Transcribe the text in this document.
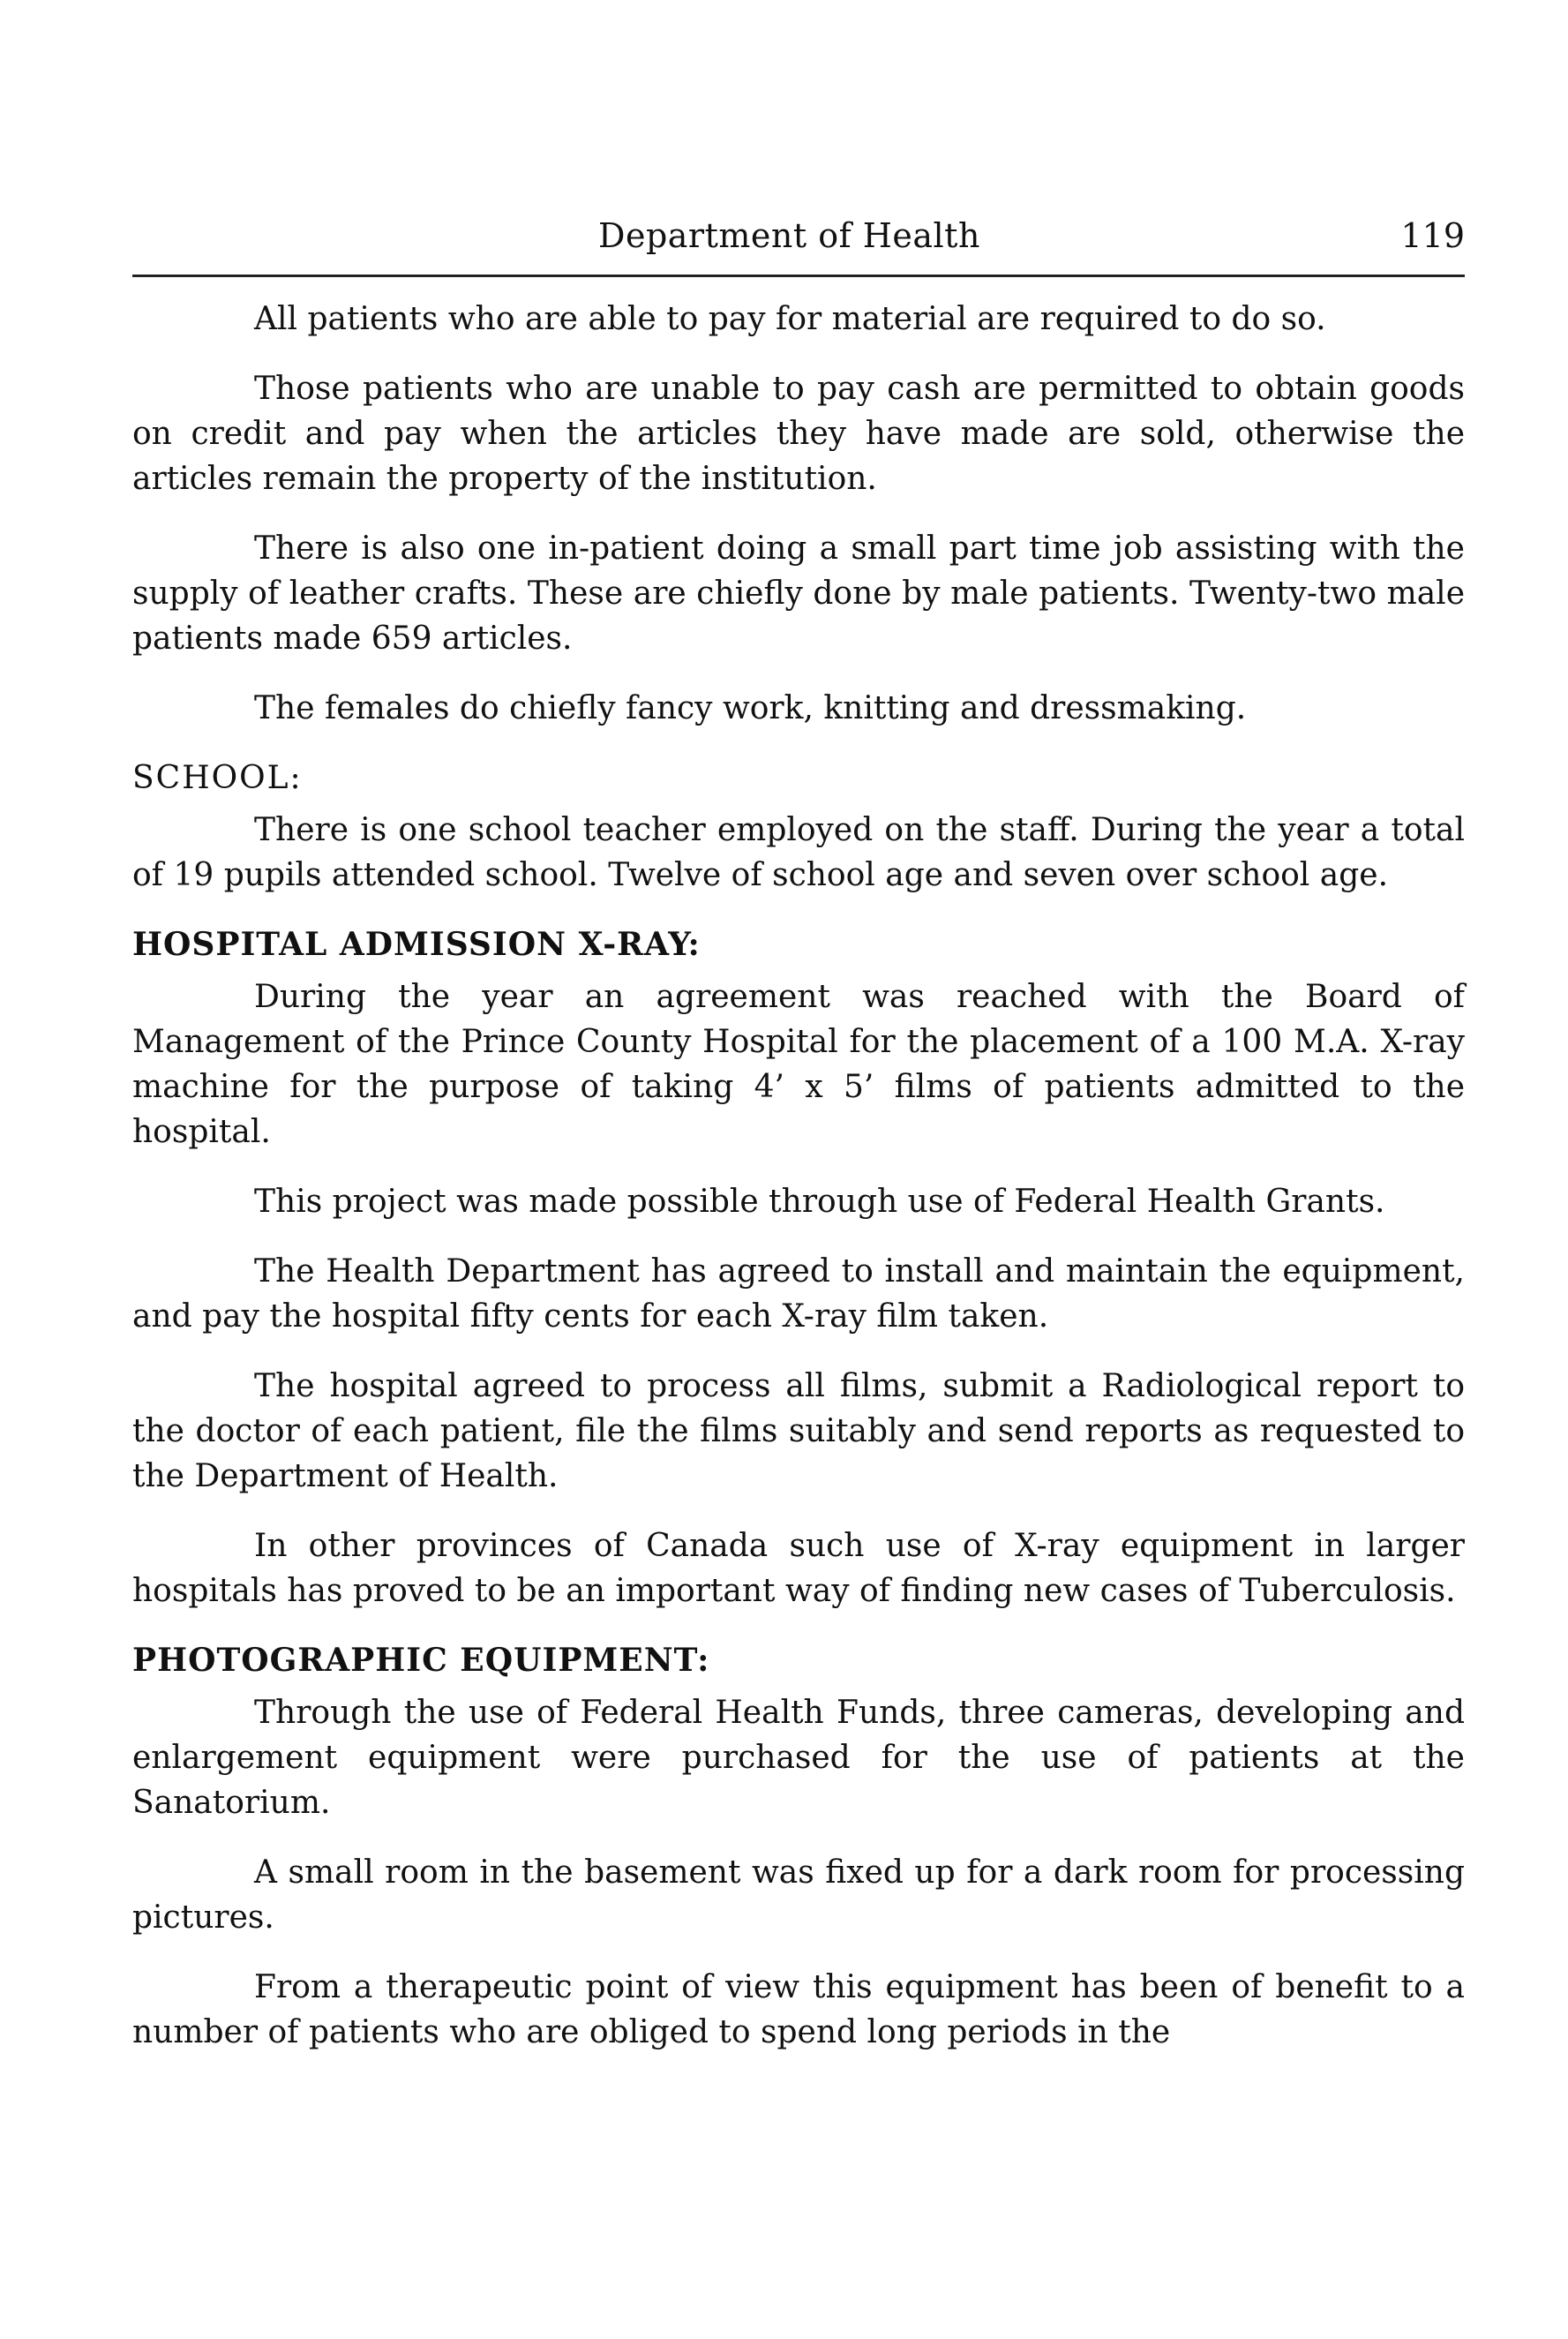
Department of Health	119

All patients who are able to pay for material are required to do so.

Those patients who are unable to pay cash are permitted to obtain goods on credit and pay when the articles they have made are sold, otherwise the articles remain the property of the institution.

There is also one in-patient doing a small part time job assisting with the supply of leather crafts. These are chiefly done by male patients. Twenty-two male patients made 659 articles.

The females do chiefly fancy work, knitting and dressmaking.

SCHOOL:

There is one school teacher employed on the staff. During the year a total of 19 pupils attended school. Twelve of school age and seven over school age.

HOSPITAL ADMISSION X-RAY:

During the year an agreement was reached with the Board of Management of the Prince County Hospital for the placement of a 100 M.A. X-ray machine for the purpose of taking 4’ x 5’ films of patients admitted to the hospital.

This project was made possible through use of Federal Health Grants.

The Health Department has agreed to install and maintain the equipment, and pay the hospital fifty cents for each X-ray film taken.

The hospital agreed to process all films, submit a Radiological report to the doctor of each patient, file the films suitably and send reports as requested to the Department of Health.

In other provinces of Canada such use of X-ray equipment in larger hospitals has proved to be an important way of finding new cases of Tuberculosis.

PHOTOGRAPHIC EQUIPMENT:

Through the use of Federal Health Funds, three cameras, developing and enlargement equipment were purchased for the use of patients at the Sanatorium.

A small room in the basement was fixed up for a dark room for processing pictures.

From a therapeutic point of view this equipment has been of benefit to a number of patients who are obliged to spend long periods in the
